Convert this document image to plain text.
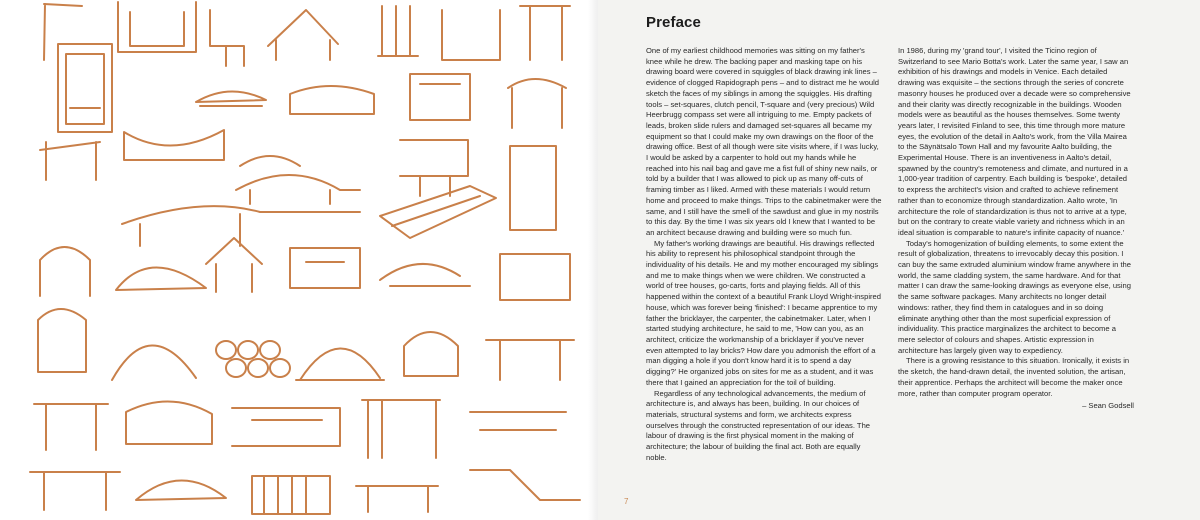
Preface

One of my earliest childhood memories was sitting on my father's knee while he drew. The backing paper and masking tape on his drawing board were covered in squiggles of black drawing ink lines – evidence of clogged Rapidograph pens – and to distract me he would sketch the faces of my siblings in among the squiggles. His drafting tools – set-squares, clutch pencil, T-square and (very precious) Wild Heerbrugg compass set were all intriguing to me. Empty packets of leads, broken slide rulers and damaged set-squares all became my equipment so that I could make my own drawings on the floor of the drawing office. Best of all though were site visits where, if I was lucky, I would be asked by a carpenter to hold out my hands while he reached into his nail bag and gave me a fist full of shiny new nails, or told by a builder that I was allowed to pick up as many off-cuts of framing timber as I liked. Armed with these materials I would return home and proceed to make things. Trips to the cabinetmaker were the same, and I still have the smell of the sawdust and glue in my nostrils to this day. By the time I was six years old I knew that I wanted to be an architect because drawing and building were so much fun.

My father's working drawings are beautiful. His drawings reflected his ability to represent his philosophical standpoint through the individuality of his details. He and my mother encouraged my siblings and me to make things when we were children. We constructed a world of tree houses, go-carts, forts and playing fields. All of this happened within the context of a beautiful Frank Lloyd Wright-inspired house, which was forever being 'finished': I became apprentice to my father the bricklayer, the carpenter, the cabinetmaker. Later, when I started studying architecture, he said to me, 'How can you, as an architect, criticize the workmanship of a bricklayer if you've never even attempted to lay bricks? How dare you admonish the effort of a man digging a hole if you don't know hard it is to spend a day digging?' He organized jobs on sites for me as a student, and it was there that I gained an appreciation for the toil of building.

Regardless of any technological advancements, the medium of architecture is, and always has been, building. In our choices of materials, structural systems and form, we architects express ourselves through the constructed representation of our ideas. The labour of drawing is the first physical moment in the making of architecture; the labour of building the final act. Both are equally noble.

In 1986, during my 'grand tour', I visited the Ticino region of Switzerland to see Mario Botta's work. Later the same year, I saw an exhibition of his drawings and models in Venice. Each detailed drawing was exquisite – the sections through the series of concrete masonry houses he produced over a decade were so comprehensive and their clarity was directly recognizable in the buildings. Wooden models were as beautiful as the houses themselves. Some twenty years later, I revisited Finland to see, this time through more mature eyes, the evolution of the detail in Aalto's work, from the Villa Mairea to the Säynätsalo Town Hall and my favourite Aalto building, the Experimental House. There is an inventiveness in Aalto's detail, spawned by the country's remoteness and climate, and nurtured in a 1,000-year tradition of carpentry. Each building is 'bespoke', detailed to express the architect's vision and crafted to achieve refinement rather than to economize through standardization. Aalto wrote, 'In architecture the role of standardization is thus not to arrive at a type, but on the contrary to create viable variety and richness which in an ideal situation is comparable to nature's infinite capacity of nuance.'

Today's homogenization of building elements, to some extent the result of globalization, threatens to irrevocably decay this position. I can buy the same extruded aluminium window frame anywhere in the world, the same cladding system, the same hardware. And for that matter I can draw the same-looking drawings as everyone else, using the same software packages. Many architects no longer detail windows: rather, they find them in catalogues and in so doing eliminate anything other than the most superficial expression of individuality. This practice marginalizes the architect to become a mere selector of colours and shapes. Artistic expression in architecture has largely given way to expediency.

There is a growing resistance to this situation. Ironically, it exists in the sketch, the hand-drawn detail, the invented solution, the artisan, their apprentice. Perhaps the architect will become the maker once more, rather than computer program operator.

– Sean Godsell
7
